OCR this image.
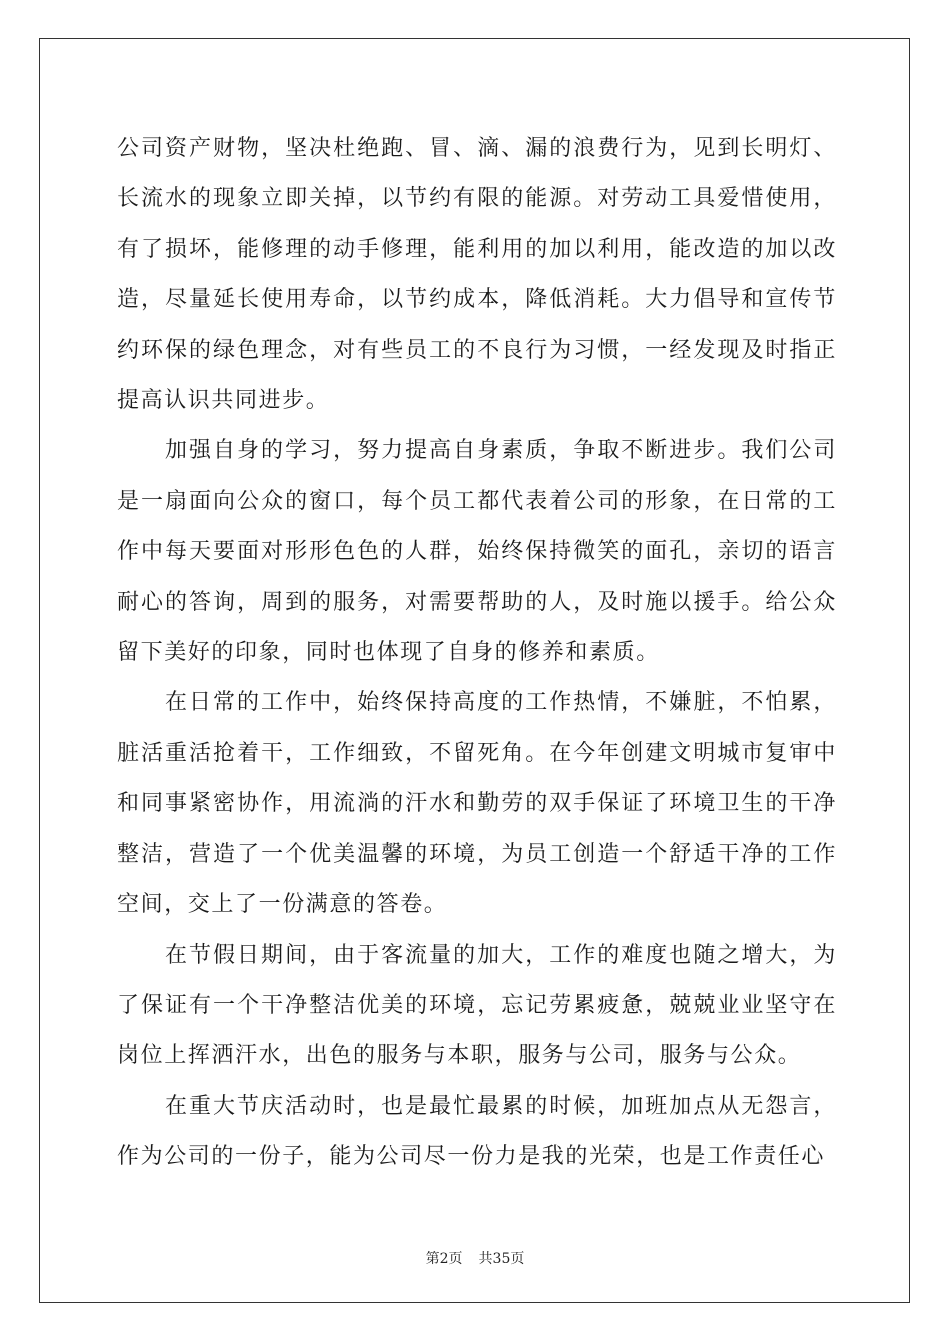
公司资产财物，坚决杜绝跑、冒、滴、漏的浪费行为，见到长明灯、长流水的现象立即关掉，以节约有限的能源。对劳动工具爱惜使用，有了损坏，能修理的动手修理，能利用的加以利用，能改造的加以改造，尽量延长使用寿命，以节约成本，降低消耗。大力倡导和宣传节约环保的绿色理念，对有些员工的不良行为习惯，一经发现及时指正提高认识共同进步。

加强自身的学习，努力提高自身素质，争取不断进步。我们公司是一扇面向公众的窗口，每个员工都代表着公司的形象，在日常的工作中每天要面对形形色色的人群，始终保持微笑的面孔，亲切的语言耐心的答询，周到的服务，对需要帮助的人，及时施以援手。给公众留下美好的印象，同时也体现了自身的修养和素质。

在日常的工作中，始终保持高度的工作热情，不嫌脏，不怕累，脏活重活抢着干，工作细致，不留死角。在今年创建文明城市复审中和同事紧密协作，用流淌的汗水和勤劳的双手保证了环境卫生的干净整洁，营造了一个优美温馨的环境，为员工创造一个舒适干净的工作空间，交上了一份满意的答卷。

在节假日期间，由于客流量的加大，工作的难度也随之增大，为了保证有一个干净整洁优美的环境，忘记劳累疲惫，兢兢业业坚守在岗位上挥洒汗水，出色的服务与本职，服务与公司，服务与公众。

在重大节庆活动时，也是最忙最累的时候，加班加点从无怨言，作为公司的一份子，能为公司尽一份力是我的光荣，也是工作责任心

第2页 共35页
